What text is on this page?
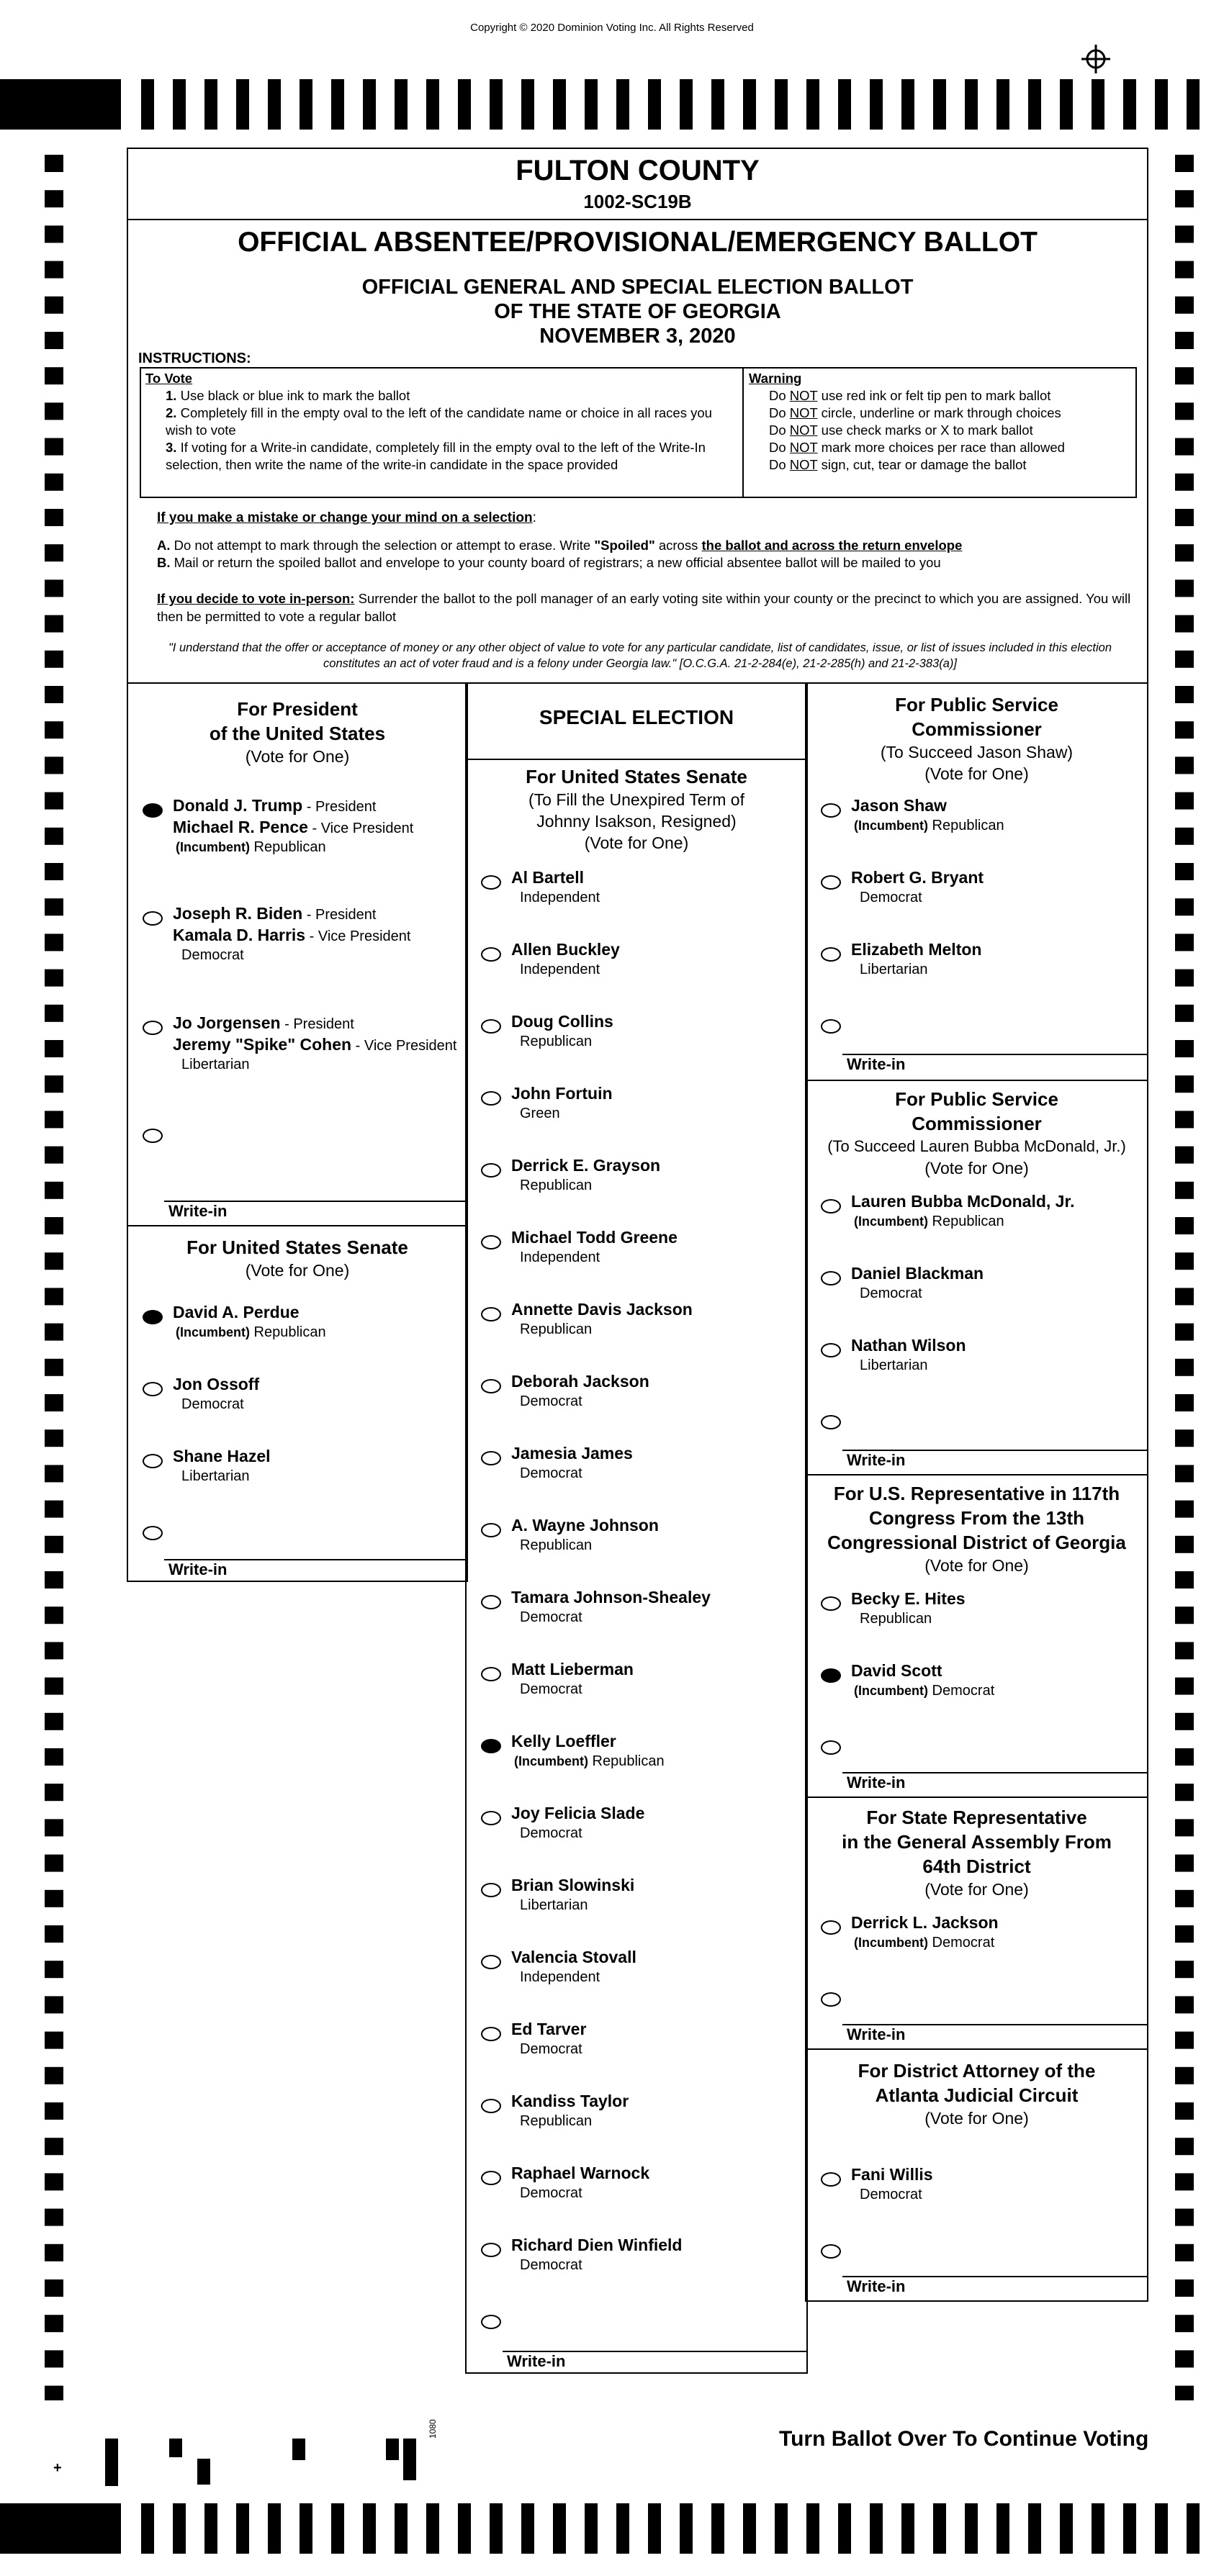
Copyright © 2020 Dominion Voting Inc. All Rights Reserved
FULTON COUNTY
1002-SC19B
OFFICIAL ABSENTEE/PROVISIONAL/EMERGENCY BALLOT
OFFICIAL GENERAL AND SPECIAL ELECTION BALLOT
OF THE STATE OF GEORGIA
NOVEMBER 3, 2020
INSTRUCTIONS:
To Vote
1. Use black or blue ink to mark the ballot
2. Completely fill in the empty oval to the left of the candidate name or choice in all races you wish to vote
3. If voting for a Write-in candidate, completely fill in the empty oval to the left of the Write-In selection, then write the name of the write-in candidate in the space provided
Warning
Do NOT use red ink or felt tip pen to mark ballot
Do NOT circle, underline or mark through choices
Do NOT use check marks or X to mark ballot
Do NOT mark more choices per race than allowed
Do NOT sign, cut, tear or damage the ballot
If you make a mistake or change your mind on a selection:
A. Do not attempt to mark through the selection or attempt to erase. Write "Spoiled" across the ballot and across the return envelope
B. Mail or return the spoiled ballot and envelope to your county board of registrars; a new official absentee ballot will be mailed to you
If you decide to vote in-person: Surrender the ballot to the poll manager of an early voting site within your county or the precinct to which you are assigned. You will then be permitted to vote a regular ballot
"I understand that the offer or acceptance of money or any other object of value to vote for any particular candidate, list of candidates, issue, or list of issues included in this election constitutes an act of voter fraud and is a felony under Georgia law." [O.C.G.A. 21-2-284(e), 21-2-285(h) and 21-2-383(a)]
For President
of the United States
(Vote for One)
Donald J. Trump - President
Michael R. Pence - Vice President
(Incumbent) Republican
Joseph R. Biden - President
Kamala D. Harris - Vice President
Democrat
Jo Jorgensen - President
Jeremy "Spike" Cohen - Vice President
Libertarian
Write-in
For United States Senate
(Vote for One)
David A. Perdue
(Incumbent) Republican
Jon Ossoff
Democrat
Shane Hazel
Libertarian
Write-in
SPECIAL ELECTION
For United States Senate
(To Fill the Unexpired Term of
Johnny Isakson, Resigned)
(Vote for One)
Al Bartell
Independent
Allen Buckley
Independent
Doug Collins
Republican
John Fortuin
Green
Derrick E. Grayson
Republican
Michael Todd Greene
Independent
Annette Davis Jackson
Republican
Deborah Jackson
Democrat
Jamesia James
Democrat
A. Wayne Johnson
Republican
Tamara Johnson-Shealey
Democrat
Matt Lieberman
Democrat
Kelly Loeffler
(Incumbent) Republican
Joy Felicia Slade
Democrat
Brian Slowinski
Libertarian
Valencia Stovall
Independent
Ed Tarver
Democrat
Kandiss Taylor
Republican
Raphael Warnock
Democrat
Richard Dien Winfield
Democrat
Write-in
For Public Service
Commissioner
(To Succeed Jason Shaw)
(Vote for One)
Jason Shaw
(Incumbent) Republican
Robert G. Bryant
Democrat
Elizabeth Melton
Libertarian
Write-in
For Public Service
Commissioner
(To Succeed Lauren Bubba McDonald, Jr.)
(Vote for One)
Lauren Bubba McDonald, Jr.
(Incumbent) Republican
Daniel Blackman
Democrat
Nathan Wilson
Libertarian
Write-in
For U.S. Representative in 117th
Congress From the 13th
Congressional District of Georgia
(Vote for One)
Becky E. Hites
Republican
David Scott
(Incumbent) Democrat
Write-in
For State Representative
in the General Assembly From
64th District
(Vote for One)
Derrick L. Jackson
(Incumbent) Democrat
Write-in
For District Attorney of the
Atlanta Judicial Circuit
(Vote for One)
Fani Willis
Democrat
Write-in
+
1080	Turn Ballot Over To Continue Voting
